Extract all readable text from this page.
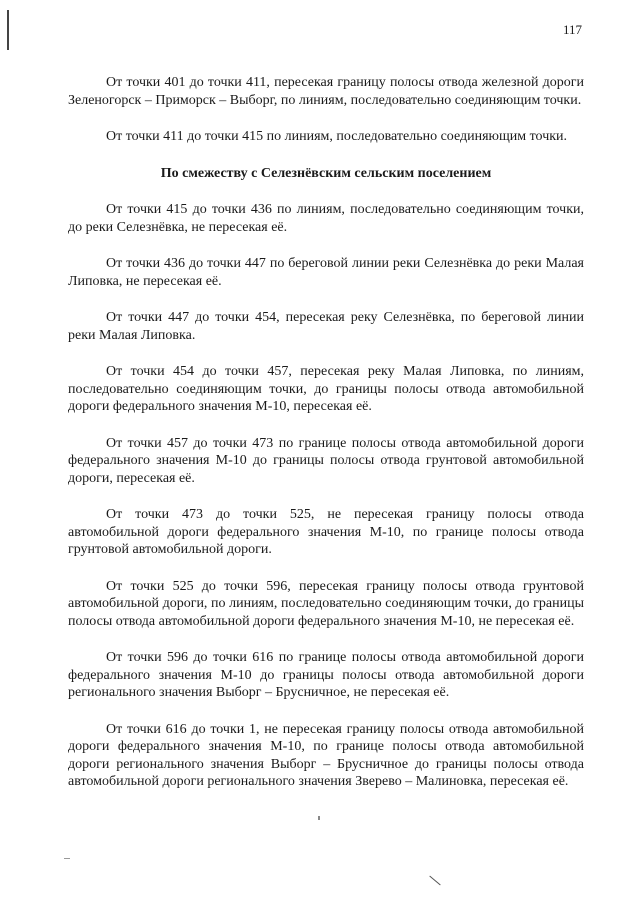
117

От точки 401 до точки 411, пересекая границу полосы отвода железной дороги Зеленогорск – Приморск – Выборг, по линиям, последовательно соединяющим точки.

От точки 411 до точки 415 по линиям, последовательно соединяющим точки.

По смежеству с Селезнёвским сельским поселением

От точки 415 до точки 436 по линиям, последовательно соединяющим точки, до реки Селезнёвка, не пересекая её.

От точки 436 до точки 447 по береговой линии реки Селезнёвка до реки Малая Липовка, не пересекая её.

От точки 447 до точки 454, пересекая реку Селезнёвка, по береговой линии реки Малая Липовка.

От точки 454 до точки 457, пересекая реку Малая Липовка, по линиям, последовательно соединяющим точки, до границы полосы отвода автомобильной дороги федерального значения М-10, пересекая её.

От точки 457 до точки 473 по границе полосы отвода автомобильной дороги федерального значения М-10 до границы полосы отвода грунтовой автомобильной дороги, пересекая её.

От точки 473 до точки 525, не пересекая границу полосы отвода автомобильной дороги федерального значения М-10, по границе полосы отвода грунтовой автомобильной дороги.

От точки 525 до точки 596, пересекая границу полосы отвода грунтовой автомобильной дороги, по линиям, последовательно соединяющим точки, до границы полосы отвода автомобильной дороги федерального значения М-10, не пересекая её.

От точки 596 до точки 616 по границе полосы отвода автомобильной дороги федерального значения М-10 до границы полосы отвода автомобильной дороги регионального значения Выборг – Брусничное, не пересекая её.

От точки 616 до точки 1, не пересекая границу полосы отвода автомобильной дороги федерального значения М-10, по границе полосы отвода автомобильной дороги регионального значения Выборг – Брусничное до границы полосы отвода автомобильной дороги регионального значения Зверево – Малиновка, пересекая её.
